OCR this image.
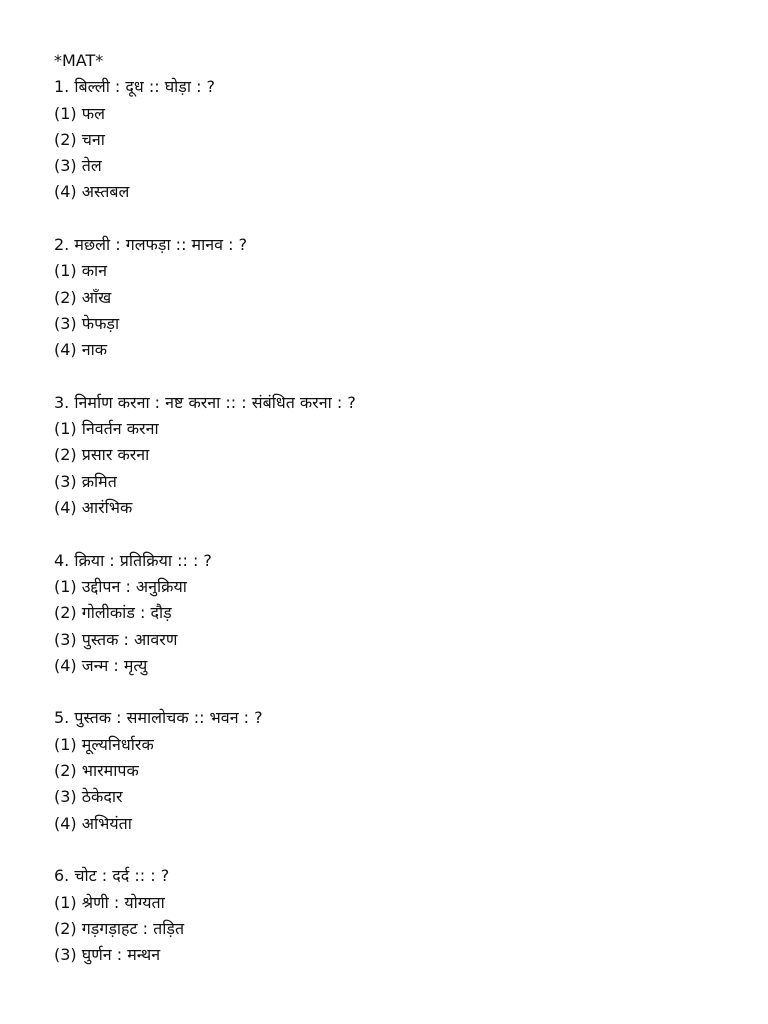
*MAT*
1. बिल्ली : दूध :: घोड़ा : ?
(1) फल
(2) चना
(3) तेल
(4) अस्तबल
2. मछली : गलफड़ा :: मानव : ?
(1) कान
(2) आँख
(3) फेफड़ा
(4) नाक
3. निर्माण करना : नष्ट करना :: : संबंधित करना : ?
(1) निवर्तन करना
(2) प्रसार करना
(3) क्रमित
(4) आरंभिक
4. क्रिया : प्रतिक्रिया :: : ?
(1) उद्दीपन : अनुक्रिया
(2) गोलीकांड : दौड़
(3) पुस्तक : आवरण
(4) जन्म : मृत्यु
5. पुस्तक : समालोचक :: भवन : ?
(1) मूल्यनिर्धारक
(2) भारमापक
(3) ठेकेदार
(4) अभियंता
6. चोट : दर्द :: : ?
(1) श्रेणी : योग्यता
(2) गड़गड़ाहट : तड़ित
(3) घुर्णन : मन्थन
